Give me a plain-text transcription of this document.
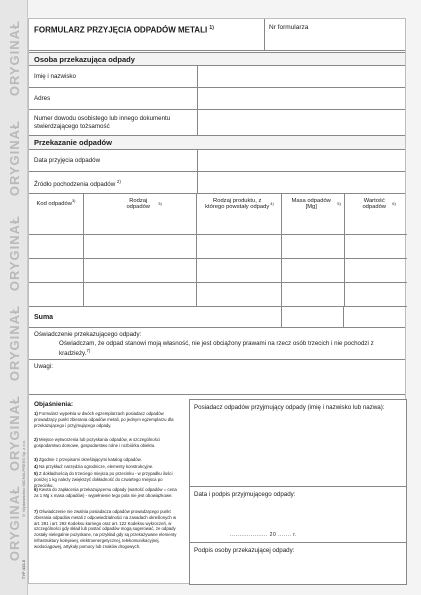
ORYGINAŁ
ORYGINAŁ
ORYGINAŁ
ORYGINAŁ
ORYGINAŁ
ORYGINAŁ
© Wydawnictwo MiCHALPRESS Sp. z o.o.
TYP 433-5
FORMULARZ PRZYJĘCIA ODPADÓW METALI $^{1)}$	Nr formularza
Osoba przekazująca odpady
Imię i nazwisko
Adres
Numer dowodu osobistego lub innego dokumentu stwierdzającego tożsamość
Przekazanie odpadów
Data przyjęcia odpadów
Źródło pochodzenia odpadów $^{2)}$
Kod odpadów$^{3)}$	Rodzaj odpadów$^{3)}$	Rodzaj produktu, z którego powstały odpady$^{4)}$	Masa odpadów $[Mg]^{5)}$	Wartość odpadów$^{6)}$
Suma
Oświadczenie przekazującego odpady:
Oświadczam, że odpad stanowi moją własność, nie jest obciążony prawami na rzecz osób trzecich i nie pochodzi z kradzieży.$^{7)}$
Uwagi:
Objaśnienia:
1) Formularz wypełnia w dwóch egzemplarzach posiadacz odpadów prowadzący punkt zbierania odpadów metali, po jednym egzemplarzu dla przekazującego i przyjmującego odpady.
2) Miejsce wytworzenia lub pozyskania odpadów, w szczególności gospodarstwo domowe, gospodarstwo rolne i rozbiórka obiektu.
3) Zgodnie z przepisami określającymi katalog odpadów.
4) Na przykład: narzędzia ogrodnicze, elementy konstrukcyjne.
5) Z dokładnością do trzeciego miejsca po przecinku - w przypadku ilości poniżej 1 kg należy zwiększyć dokładność do czwartego miejsca po przecinku.
6) Kwota do zapłacenia przekazującemu odpady (wartość odpadów = cena za 1 Mg x masa odpadów) - wypełnienie tego pola nie jest obowiązkowe.
7) Oświadczenie nie zwalnia posiadacza odpadów prowadzącego punkt zbierania odpadów metali z odpowiedzialności na zasadach określonych w art. 291 i art. 292 Kodeksu karnego oraz art. 122 Kodeksu wykroczeń, w szczególności gdy skład lub postać odpadów mogą sugerować, że odpady zostały nielegalnie pozyskane, na przykład gdy są przekazywane elementy infrastruktury kolejowej, elektroenergetycznej, telekomunikacyjnej, wodociągowej, artykuły pomocy lub znaków drogowych.
Posiadacz odpadów przyjmujący odpady (imię i nazwisko lub nazwa):
Data i podpis przyjmującego odpady:
.................... 20 ....... r.
Podpis osoby przekazującej odpady:
